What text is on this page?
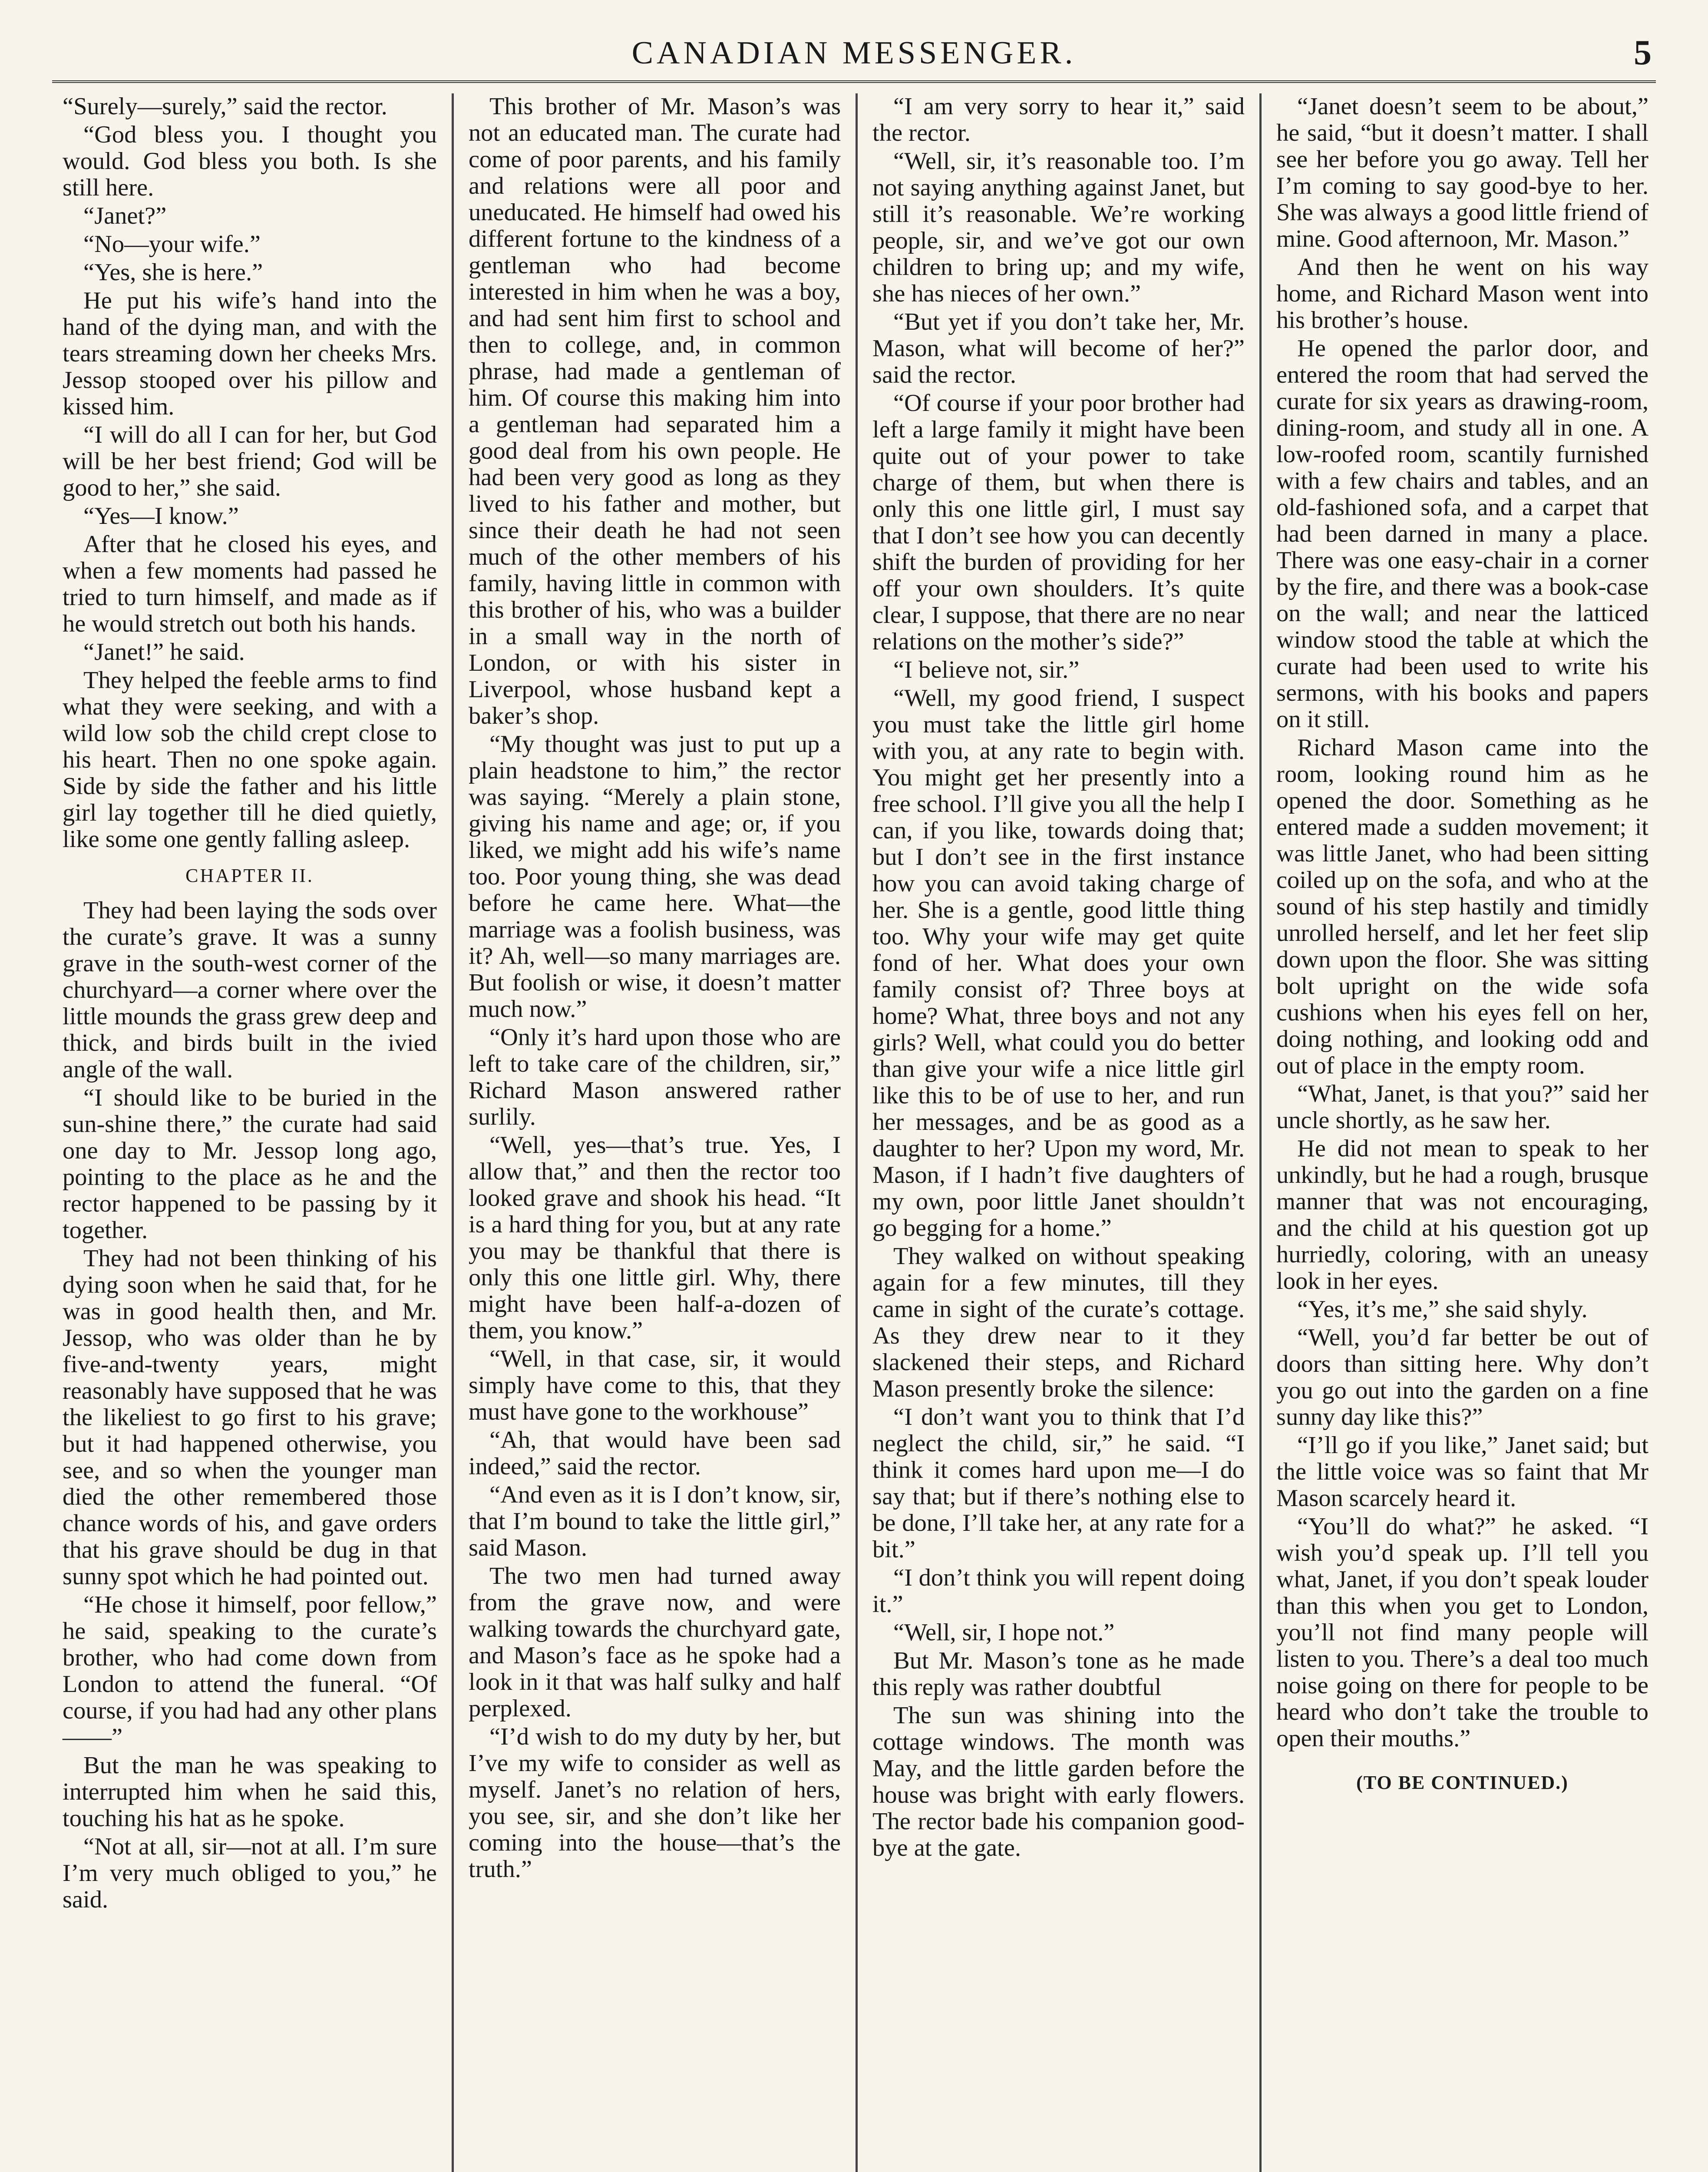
CANADIAN MESSENGER.	5

“Surely—surely,” said the rector.

“God bless you. I thought you would. God bless you both. Is she still here.

“Janet?”

“No—your wife.”

“Yes, she is here.”

He put his wife’s hand into the hand of the dying man, and with the tears streaming down her cheeks Mrs. Jessop stooped over his pillow and kissed him.

“I will do all I can for her, but God will be her best friend; God will be good to her,” she said.

“Yes—I know.”

After that he closed his eyes, and when a few moments had passed he tried to turn himself, and made as if he would stretch out both his hands.

“Janet!” he said.

They helped the feeble arms to find what they were seeking, and with a wild low sob the child crept close to his heart. Then no one spoke again. Side by side the father and his little girl lay together till he died quietly, like some one gently falling asleep.

CHAPTER II.

They had been laying the sods over the curate’s grave. It was a sunny grave in the south-west corner of the churchyard—a corner where over the little mounds the grass grew deep and thick, and birds built in the ivied angle of the wall.

“I should like to be buried in the sun-shine there,” the curate had said one day to Mr. Jessop long ago, pointing to the place as he and the rector happened to be passing by it together.

They had not been thinking of his dying soon when he said that, for he was in good health then, and Mr. Jessop, who was older than he by five-and-twenty years, might reasonably have supposed that he was the likeliest to go first to his grave; but it had happened otherwise, you see, and so when the younger man died the other remembered those chance words of his, and gave orders that his grave should be dug in that sunny spot which he had pointed out.

“He chose it himself, poor fellow,” he said, speaking to the curate’s brother, who had come down from London to attend the funeral. “Of course, if you had had any other plans——”

But the man he was speaking to interrupted him when he said this, touching his hat as he spoke.

“Not at all, sir—not at all. I’m sure I’m very much obliged to you,” he said.

This brother of Mr. Mason’s was not an educated man. The curate had come of poor parents, and his family and relations were all poor and uneducated. He himself had owed his different fortune to the kindness of a gentleman who had become interested in him when he was a boy, and had sent him first to school and then to college, and, in common phrase, had made a gentleman of him. Of course this making him into a gentleman had separated him a good deal from his own people. He had been very good as long as they lived to his father and mother, but since their death he had not seen much of the other members of his family, having little in common with this brother of his, who was a builder in a small way in the north of London, or with his sister in Liverpool, whose husband kept a baker’s shop.

“My thought was just to put up a plain headstone to him,” the rector was saying. “Merely a plain stone, giving his name and age; or, if you liked, we might add his wife’s name too. Poor young thing, she was dead before he came here. What—the marriage was a foolish business, was it? Ah, well—so many marriages are. But foolish or wise, it doesn’t matter much now.”

“Only it’s hard upon those who are left to take care of the children, sir,” Richard Mason answered rather surlily.

“Well, yes—that’s true. Yes, I allow that,” and then the rector too looked grave and shook his head. “It is a hard thing for you, but at any rate you may be thankful that there is only this one little girl. Why, there might have been half-a-dozen of them, you know.”

“Well, in that case, sir, it would simply have come to this, that they must have gone to the workhouse”

“Ah, that would have been sad indeed,” said the rector.

“And even as it is I don’t know, sir, that I’m bound to take the little girl,” said Mason.

The two men had turned away from the grave now, and were walking towards the churchyard gate, and Mason’s face as he spoke had a look in it that was half sulky and half perplexed.

“I’d wish to do my duty by her, but I’ve my wife to consider as well as myself. Janet’s no relation of hers, you see, sir, and she don’t like her coming into the house—that’s the truth.”

“I am very sorry to hear it,” said the rector.

“Well, sir, it’s reasonable too. I’m not saying anything against Janet, but still it’s reasonable. We’re working people, sir, and we’ve got our own children to bring up; and my wife, she has nieces of her own.”

“But yet if you don’t take her, Mr. Mason, what will become of her?” said the rector.

“Of course if your poor brother had left a large family it might have been quite out of your power to take charge of them, but when there is only this one little girl, I must say that I don’t see how you can decently shift the burden of providing for her off your own shoulders. It’s quite clear, I suppose, that there are no near relations on the mother’s side?”

“I believe not, sir.”

“Well, my good friend, I suspect you must take the little girl home with you, at any rate to begin with. You might get her presently into a free school. I’ll give you all the help I can, if you like, towards doing that; but I don’t see in the first instance how you can avoid taking charge of her. She is a gentle, good little thing too. Why your wife may get quite fond of her. What does your own family consist of? Three boys at home? What, three boys and not any girls? Well, what could you do better than give your wife a nice little girl like this to be of use to her, and run her messages, and be as good as a daughter to her? Upon my word, Mr. Mason, if I hadn’t five daughters of my own, poor little Janet shouldn’t go begging for a home.”

They walked on without speaking again for a few minutes, till they came in sight of the curate’s cottage. As they drew near to it they slackened their steps, and Richard Mason presently broke the silence:

“I don’t want you to think that I’d neglect the child, sir,” he said. “I think it comes hard upon me—I do say that; but if there’s nothing else to be done, I’ll take her, at any rate for a bit.”

“I don’t think you will repent doing it.”

“Well, sir, I hope not.”

But Mr. Mason’s tone as he made this reply was rather doubtful

The sun was shining into the cottage windows. The month was May, and the little garden before the house was bright with early flowers. The rector bade his companion good-bye at the gate.

“Janet doesn’t seem to be about,” he said, “but it doesn’t matter. I shall see her before you go away. Tell her I’m coming to say good-bye to her. She was always a good little friend of mine. Good afternoon, Mr. Mason.”

And then he went on his way home, and Richard Mason went into his brother’s house.

He opened the parlor door, and entered the room that had served the curate for six years as drawing-room, dining-room, and study all in one. A low-roofed room, scantily furnished with a few chairs and tables, and an old-fashioned sofa, and a carpet that had been darned in many a place. There was one easy-chair in a corner by the fire, and there was a book-case on the wall; and near the latticed window stood the table at which the curate had been used to write his sermons, with his books and papers on it still.

Richard Mason came into the room, looking round him as he opened the door. Something as he entered made a sudden movement; it was little Janet, who had been sitting coiled up on the sofa, and who at the sound of his step hastily and timidly unrolled herself, and let her feet slip down upon the floor. She was sitting bolt upright on the wide sofa cushions when his eyes fell on her, doing nothing, and looking odd and out of place in the empty room.

“What, Janet, is that you?” said her uncle shortly, as he saw her.

He did not mean to speak to her unkindly, but he had a rough, brusque manner that was not encouraging, and the child at his question got up hurriedly, coloring, with an uneasy look in her eyes.

“Yes, it’s me,” she said shyly.

“Well, you’d far better be out of doors than sitting here. Why don’t you go out into the garden on a fine sunny day like this?”

“I’ll go if you like,” Janet said; but the little voice was so faint that Mr Mason scarcely heard it.

“You’ll do what?” he asked. “I wish you’d speak up. I’ll tell you what, Janet, if you don’t speak louder than this when you get to London, you’ll not find many people will listen to you. There’s a deal too much noise going on there for people to be heard who don’t take the trouble to open their mouths.”

(TO BE CONTINUED.)
